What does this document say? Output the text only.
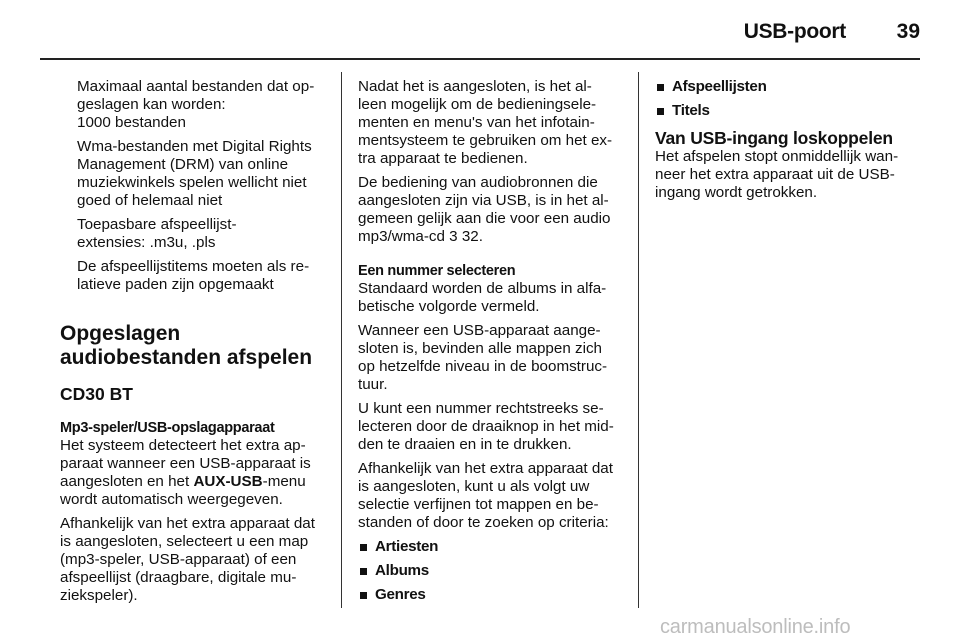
USB-poort 39

Maximaal aantal bestanden dat op-
geslagen kan worden:
1000 bestanden

Wma-bestanden met Digital Rights
Management (DRM) van online
muziekwinkels spelen wellicht niet
goed of helemaal niet

Toepasbare afspeellijst-
extensies: .m3u, .pls

De afspeellijstitems moeten als re-
latieve paden zijn opgemaakt

Opgeslagen
audiobestanden afspelen
CD30 BT
Mp3-speler/USB-opslagapparaat

Het systeem detecteert het extra ap-
paraat wanneer een USB-apparaat is
aangesloten en het AUX-USB-menu
wordt automatisch weergegeven.

Afhankelijk van het extra apparaat dat
is aangesloten, selecteert u een map
(mp3-speler, USB-apparaat) of een
afspeellijst (draagbare, digitale mu-
ziekspeler).

Nadat het is aangesloten, is het al-
leen mogelijk om de bedieningsele-
menten en menu's van het infotain-
mentsysteem te gebruiken om het ex-
tra apparaat te bedienen.

De bediening van audiobronnen die
aangesloten zijn via USB, is in het al-
gemeen gelijk aan die voor een audio
mp3/wma-cd 3 32.

Een nummer selecteren

Standaard worden de albums in alfa-
betische volgorde vermeld.

Wanneer een USB-apparaat aange-
sloten is, bevinden alle mappen zich
op hetzelfde niveau in de boomstruc-
tuur.

U kunt een nummer rechtstreeks se-
lecteren door de draaiknop in het mid-
den te draaien en in te drukken.

Afhankelijk van het extra apparaat dat
is aangesloten, kunt u als volgt uw
selectie verfijnen tot mappen en be-
standen of door te zoeken op criteria:

Artiesten
Albums
Genres
Afspeellijsten
Titels
Van USB-ingang loskoppelen

Het afspelen stopt onmiddellijk wan-
neer het extra apparaat uit de USB-
ingang wordt getrokken.

carmanualsonline.info
